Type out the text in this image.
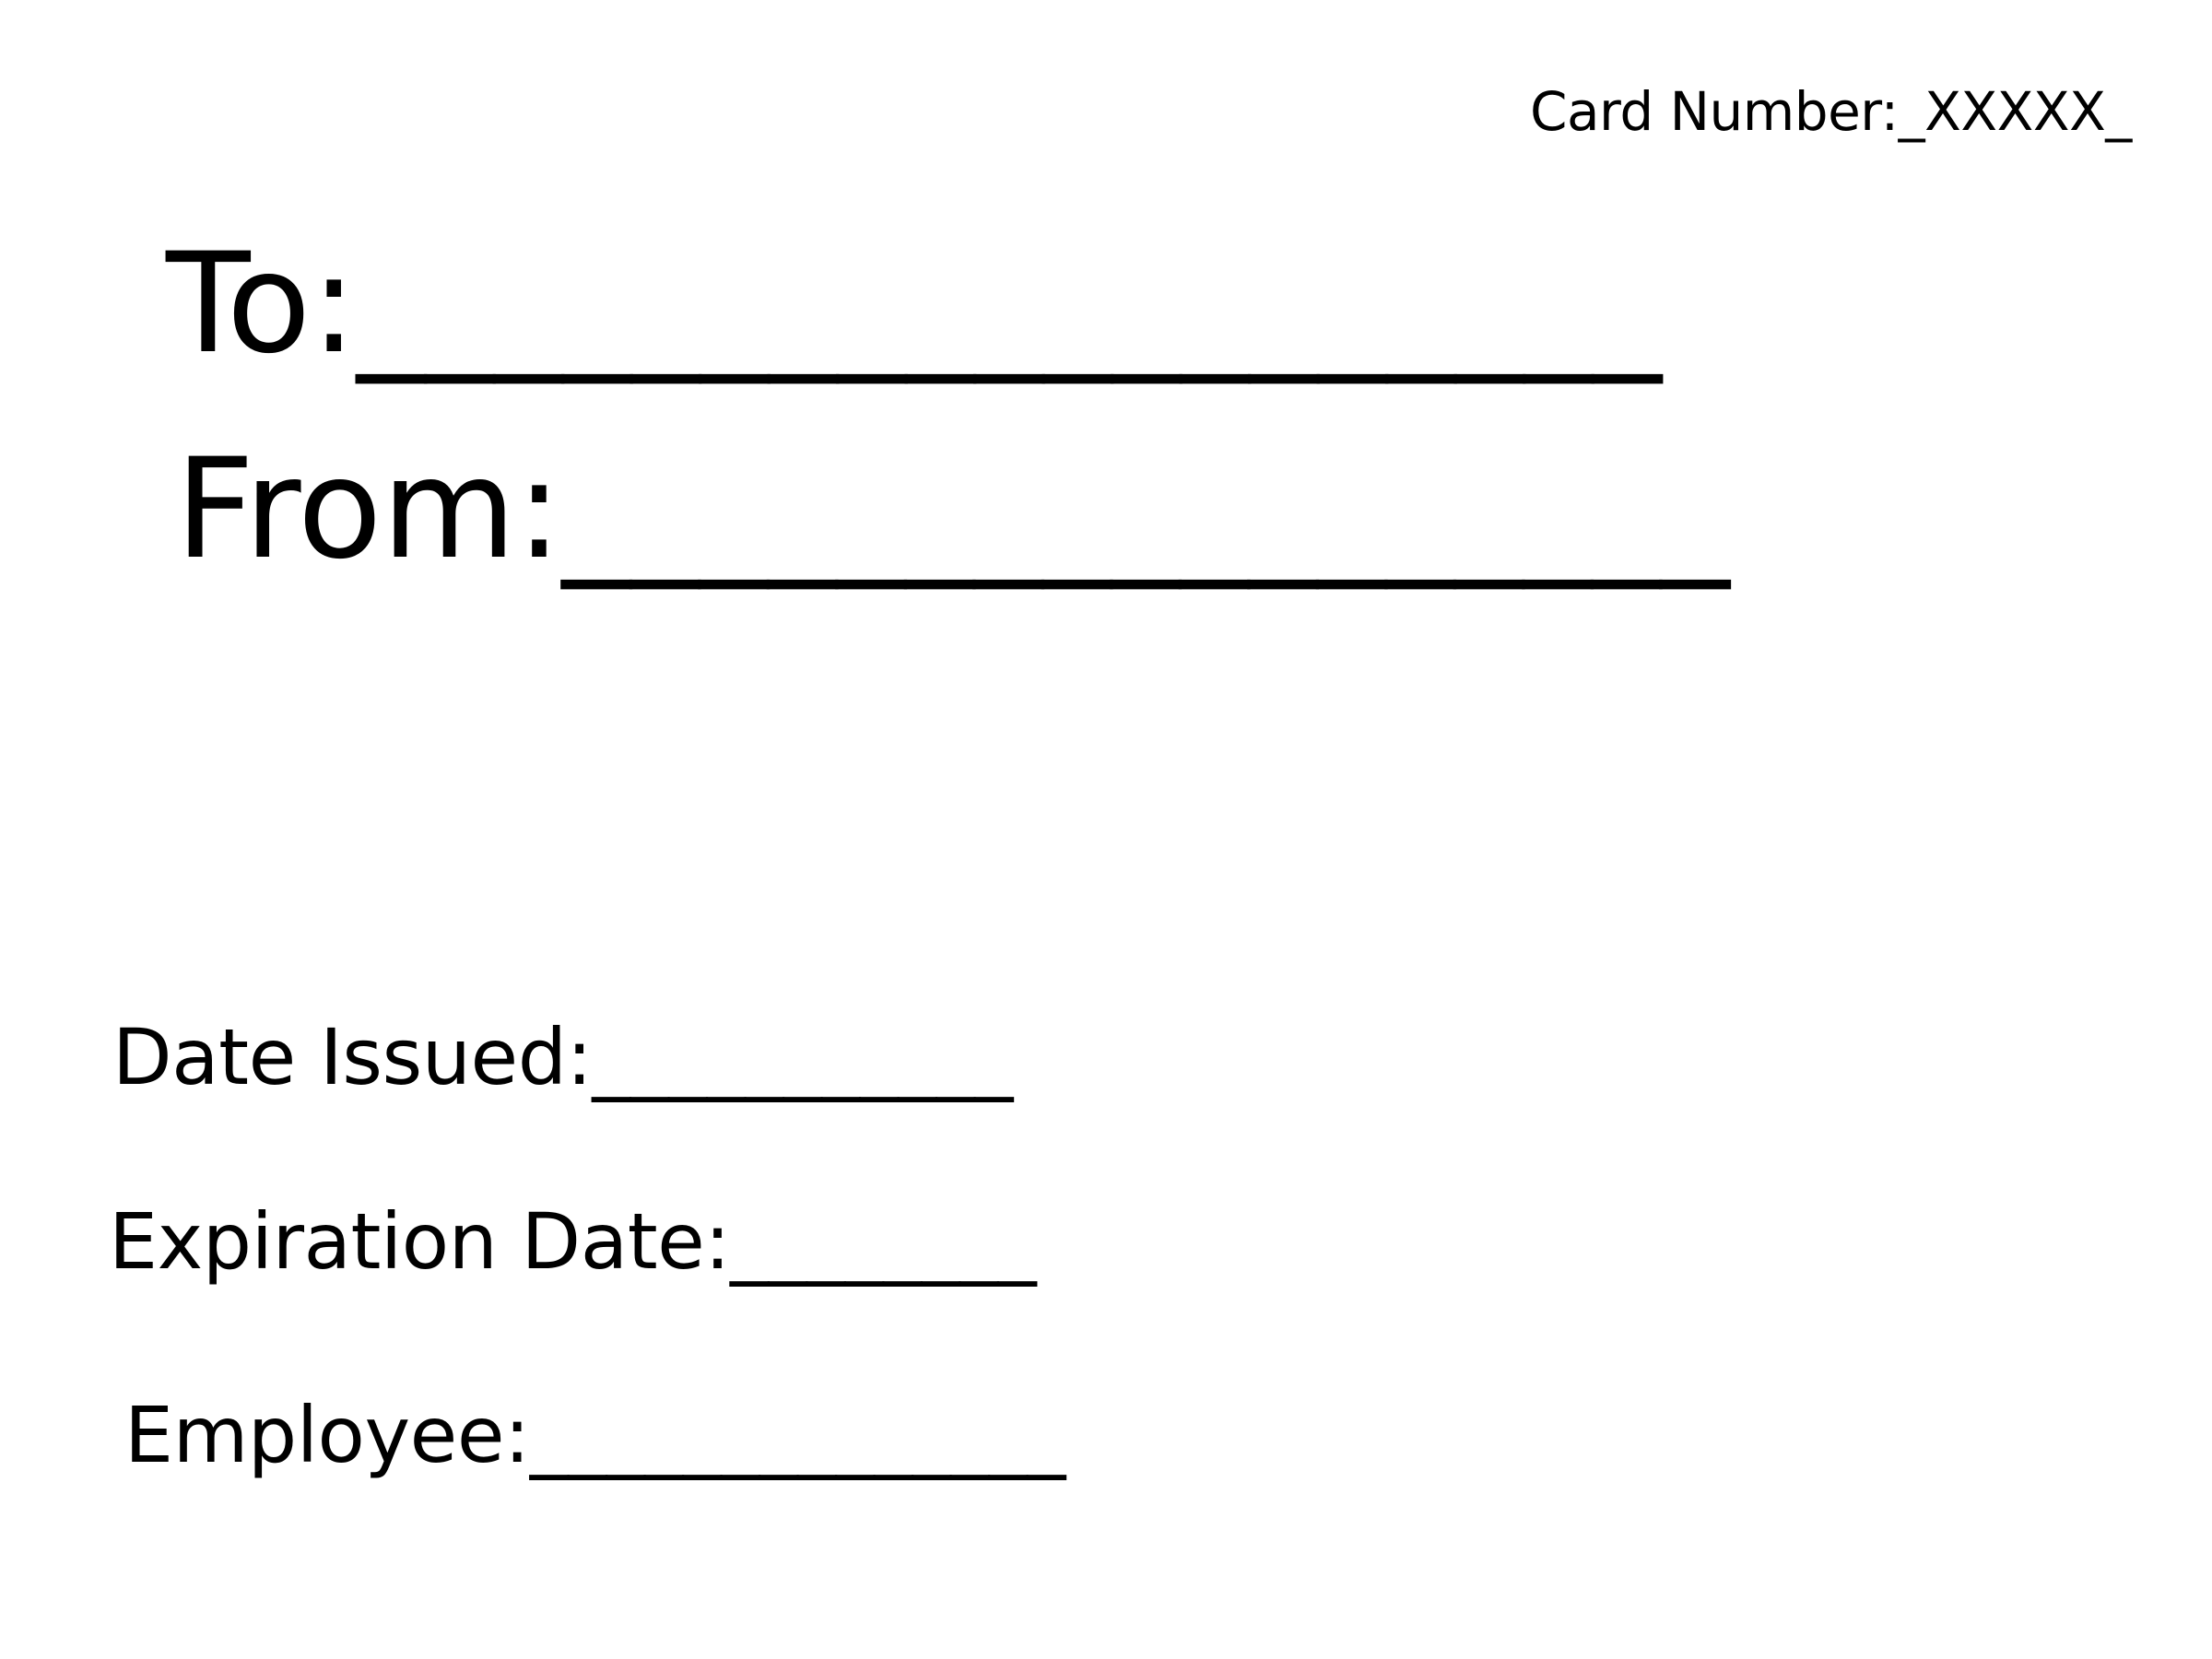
Card Number:_XXXXX_
To:___________________
From:_________________
Date Issued:___________
Expiration Date:________
Employee:______________
